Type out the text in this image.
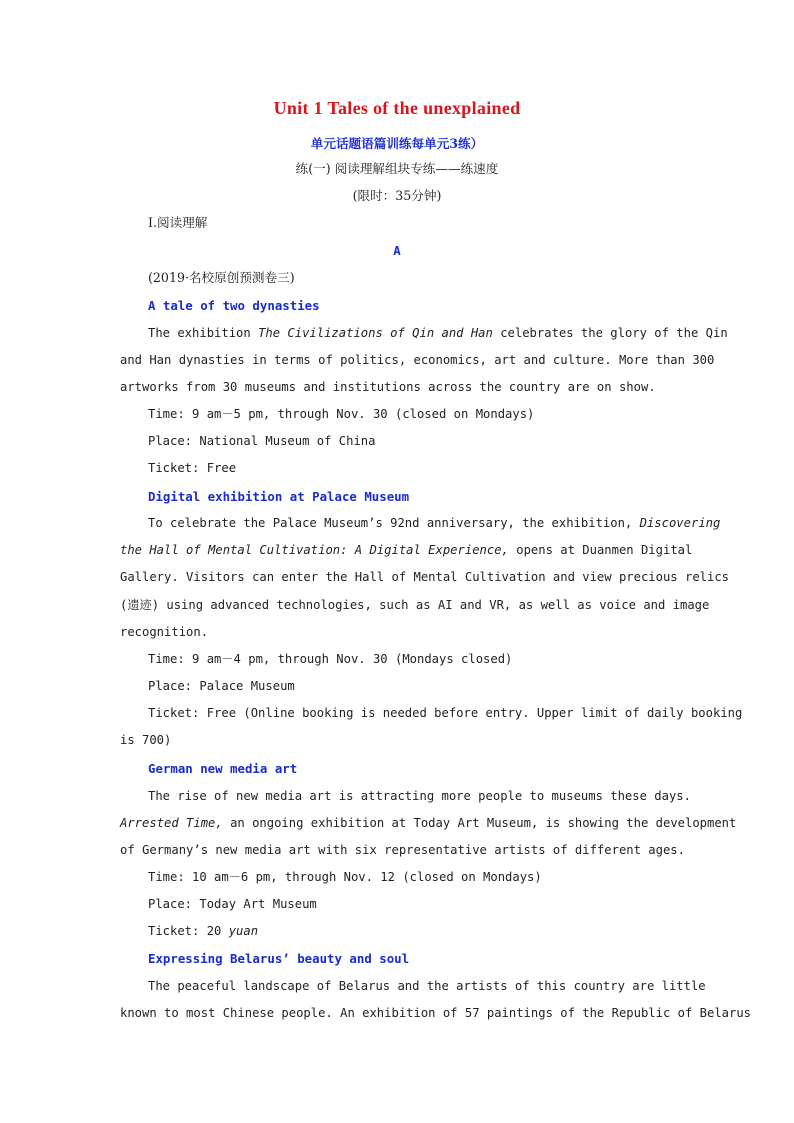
Unit 1 Tales of the unexplained
单元话题语篇训练每单元3练）
练(一) 阅读理解组块专练——练速度
(限时：35分钟)
Ⅰ.阅读理解
A
(2019·名校原创预测卷三)
A tale of two dynasties
The exhibition The Civilizations of Qin and Han celebrates the glory of the Qin
and Han dynasties in terms of politics, economics, art and culture. More than 300
artworks from 30 museums and institutions across the country are on show.
Time: 9 am－5 pm, through Nov. 30 (closed on Mondays)
Place: National Museum of China
Ticket: Free
Digital exhibition at Palace Museum
To celebrate the Palace Museum’s 92nd anniversary, the exhibition, Discovering
the Hall of Mental Cultivation: A Digital Experience, opens at Duanmen Digital
Gallery. Visitors can enter the Hall of Mental Cultivation and view precious relics
(遗迹) using advanced technologies, such as AI and VR, as well as voice and image
recognition.
Time: 9 am－4 pm, through Nov. 30 (Mondays closed)
Place: Palace Museum
Ticket: Free (Online booking is needed before entry. Upper limit of daily booking
is 700)
German new media art
The rise of new media art is attracting more people to museums these days.
Arrested Time, an ongoing exhibition at Today Art Museum, is showing the development
of Germany’s new media art with six representative artists of different ages.
Time: 10 am－6 pm, through Nov. 12 (closed on Mondays)
Place: Today Art Museum
Ticket: 20 yuan
Expressing Belarus’ beauty and soul
The peaceful landscape of Belarus and the artists of this country are little
known to most Chinese people. An exhibition of 57 paintings of the Republic of Belarus
